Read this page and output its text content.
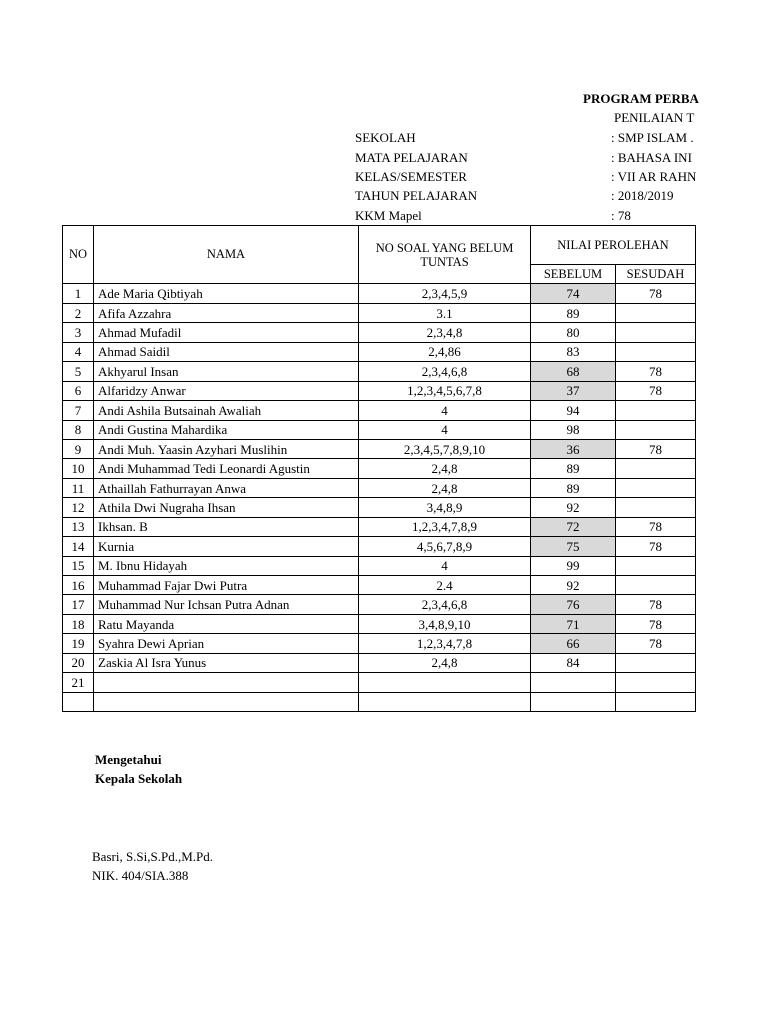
PROGRAM PERBA
PENILAIAN T
SEKOLAH	: SMP ISLAM .
MATA PELAJARAN	: BAHASA INI
KELAS/SEMESTER	: VII AR RAHN
TAHUN PELAJARAN	: 2018/2019
KKM Mapel	: 78
NO	NAMA	NO SOAL YANG BELUM TUNTAS	NILAI PEROLEHAN	
			SEBELUM	SESUDAH
1	Ade Maria Qibtiyah	2,3,4,5,9	74	78
2	Afifa Azzahra	3.1	89	
3	Ahmad Mufadil	2,3,4,8	80	
4	Ahmad Saidil	2,4,86	83	
5	Akhyarul Insan	2,3,4,6,8	68	78
6	Alfaridzy Anwar	1,2,3,4,5,6,7,8	37	78
7	Andi Ashila Butsainah Awaliah	4	94	
8	Andi Gustina Mahardika	4	98	
9	Andi Muh. Yaasin Azyhari Muslihin	2,3,4,5,7,8,9,10	36	78
10	Andi Muhammad Tedi Leonardi Agustin	2,4,8	89	
11	Athaillah Fathurrayan Anwa	2,4,8	89	
12	Athila Dwi Nugraha Ihsan	3,4,8,9	92	
13	Ikhsan. B	1,2,3,4,7,8,9	72	78
14	Kurnia	4,5,6,7,8,9	75	78
15	M. Ibnu Hidayah	4	99	
16	Muhammad Fajar Dwi Putra	2.4	92	
17	Muhammad Nur Ichsan Putra Adnan	2,3,4,6,8	76	78
18	Ratu Mayanda	3,4,8,9,10	71	78
19	Syahra Dewi Aprian	1,2,3,4,7,8	66	78
20	Zaskia Al Isra Yunus	2,4,8	84	
21				

Mengetahui
Kepala Sekolah
Basri, S.Si,S.Pd.,M.Pd.
NIK. 404/SIA.388
